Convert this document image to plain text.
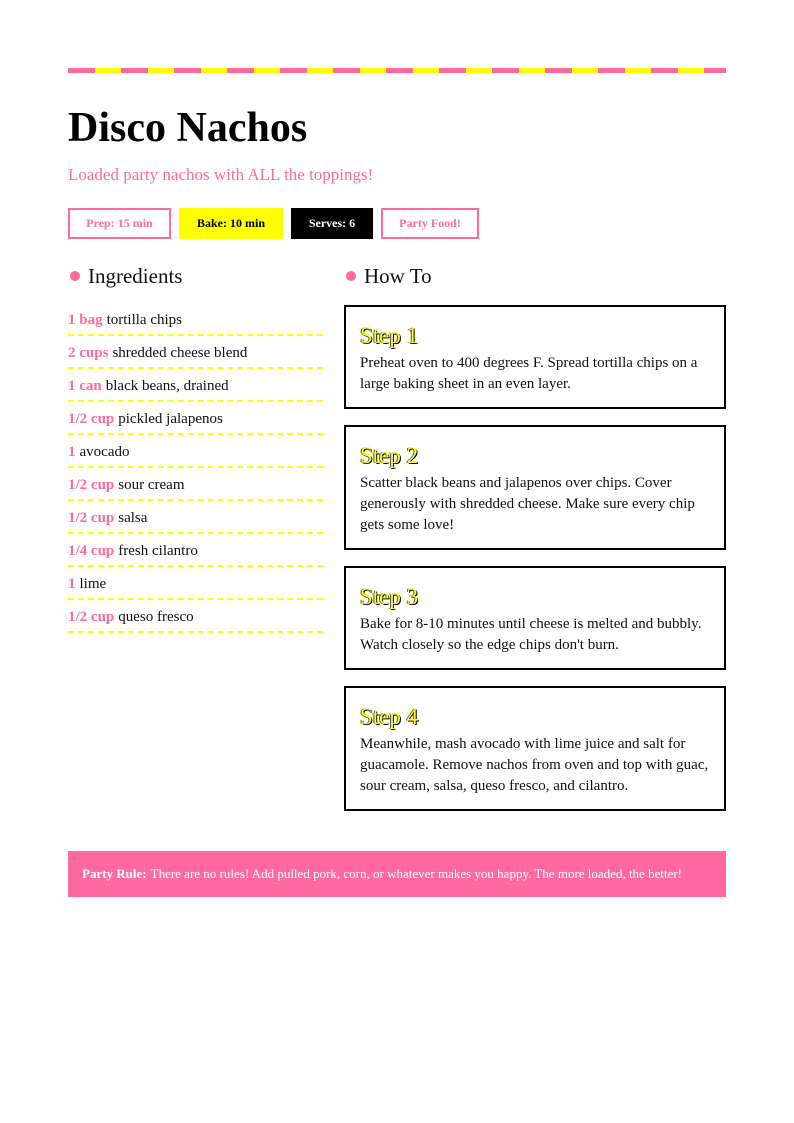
Disco Nachos
Loaded party nachos with ALL the toppings!
Prep: 15 min	Bake: 10 min	Serves: 6	Party Food!
Ingredients
1 bag tortilla chips
2 cups shredded cheese blend
1 can black beans, drained
1/2 cup pickled jalapenos
1 avocado
1/2 cup sour cream
1/2 cup salsa
1/4 cup fresh cilantro
1 lime
1/2 cup queso fresco
How To
Step 1
Preheat oven to 400 degrees F. Spread tortilla chips on a large baking sheet in an even layer.
Step 2
Scatter black beans and jalapenos over chips. Cover generously with shredded cheese. Make sure every chip gets some love!
Step 3
Bake for 8-10 minutes until cheese is melted and bubbly. Watch closely so the edge chips don't burn.
Step 4
Meanwhile, mash avocado with lime juice and salt for guacamole. Remove nachos from oven and top with guac, sour cream, salsa, queso fresco, and cilantro.
Party Rule: There are no rules! Add pulled pork, corn, or whatever makes you happy. The more loaded, the better!
